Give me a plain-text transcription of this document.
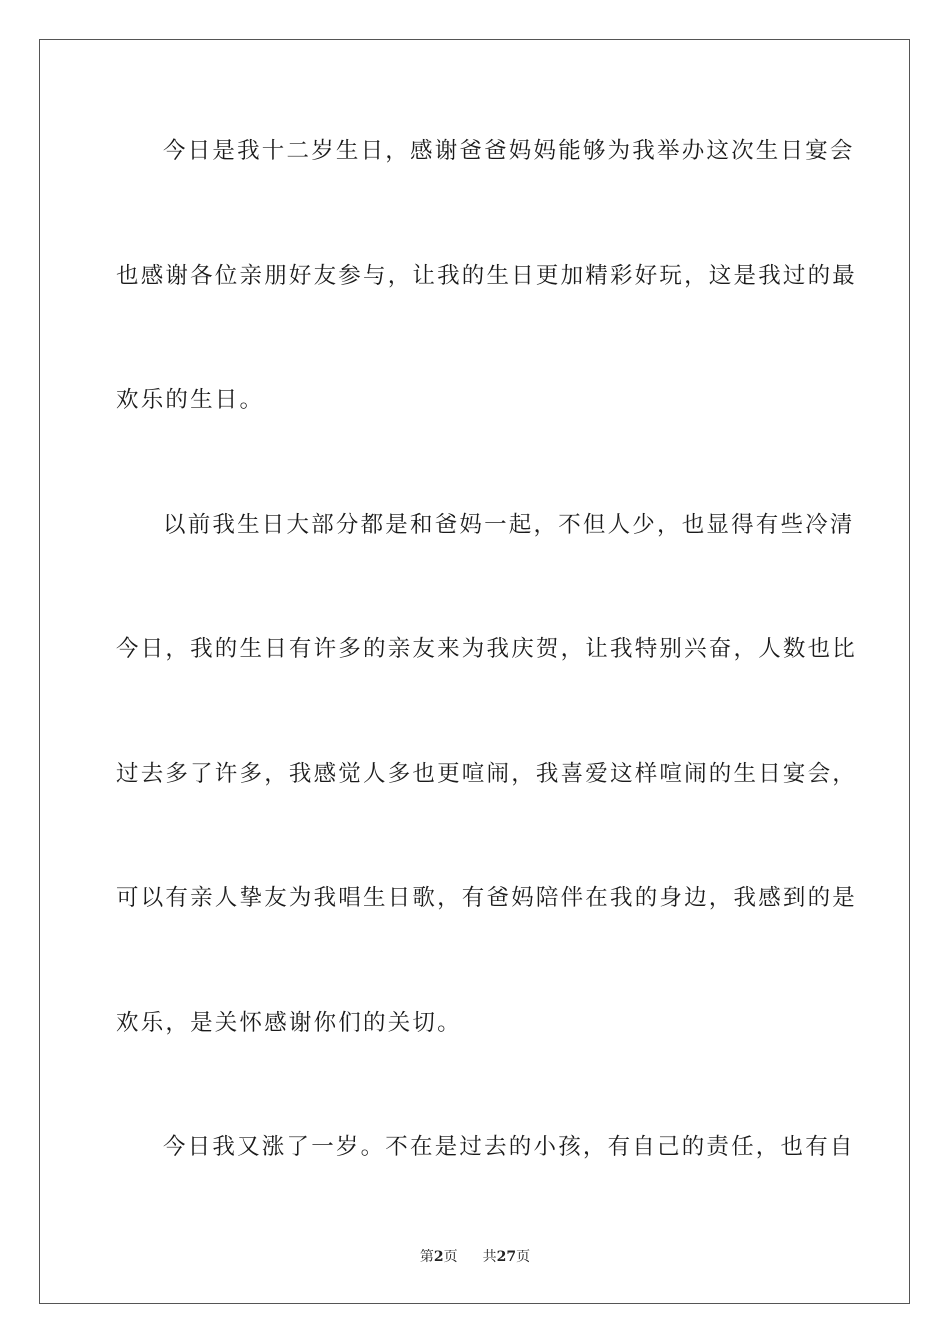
今日是我十二岁生日，感谢爸爸妈妈能够为我举办这次生日宴会
也感谢各位亲朋好友参与，让我的生日更加精彩好玩，这是我过的最
欢乐的生日。
以前我生日大部分都是和爸妈一起，不但人少，也显得有些冷清
今日，我的生日有许多的亲友来为我庆贺，让我特别兴奋，人数也比
过去多了许多，我感觉人多也更喧闹，我喜爱这样喧闹的生日宴会，
可以有亲人挚友为我唱生日歌，有爸妈陪伴在我的身边，我感到的是
欢乐，是关怀感谢你们的关切。
今日我又涨了一岁。不在是过去的小孩，有自己的责任，也有自
第2页 共27页
